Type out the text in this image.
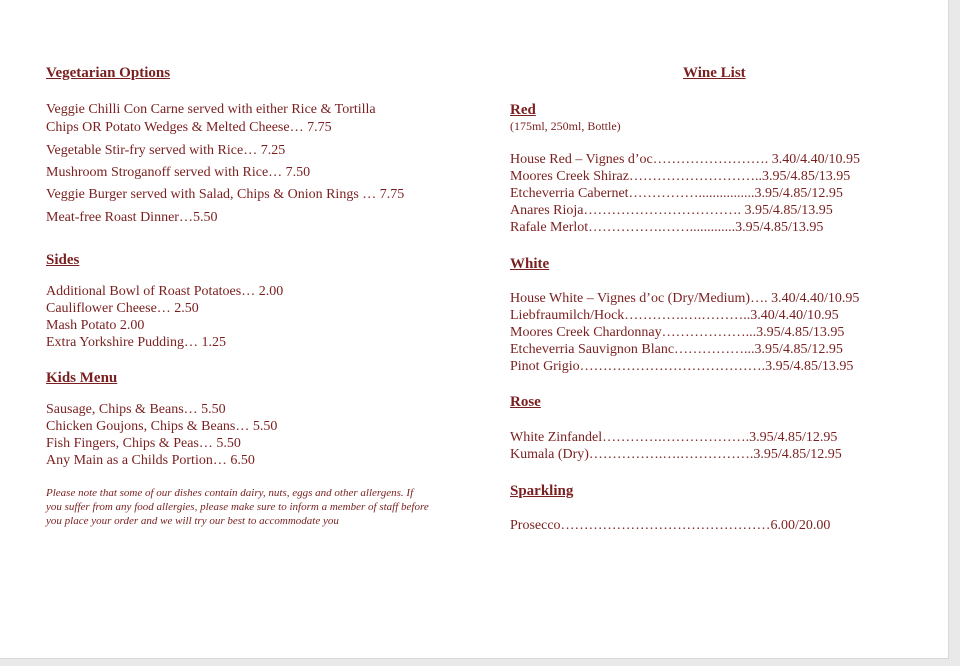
Vegetarian Options
Veggie Chilli Con Carne served with either Rice & Tortilla
Chips OR Potato Wedges & Melted Cheese… 7.75
Vegetable Stir-fry served with Rice… 7.25
Mushroom Stroganoff served with Rice… 7.50
Veggie Burger served with Salad, Chips & Onion Rings … 7.75
Meat-free Roast Dinner…5.50
Sides
Additional Bowl of Roast Potatoes… 2.00
Cauliflower Cheese… 2.50
Mash Potato 2.00
Extra Yorkshire Pudding… 1.25
Kids Menu
Sausage, Chips & Beans… 5.50
Chicken Goujons, Chips & Beans… 5.50
Fish Fingers, Chips & Peas… 5.50
Any Main as a Childs Portion… 6.50
Please note that some of our dishes contain dairy, nuts, eggs and other allergens. If you suffer from any food allergies, please make sure to inform a member of staff before you place your order and we will try our best to accommodate you
Wine List
Red
(175ml, 250ml, Bottle)
House Red – Vignes d’oc……………………. 3.40/4.40/10.95
Moores Creek Shiraz………………………..3.95/4.85/13.95
Etcheverria Cabernet……………................3.95/4.85/12.95
Anares Rioja……………………………. 3.95/4.85/13.95
Rafale Merlot…………….…….............3.95/4.85/13.95
White
House White – Vignes d’oc (Dry/Medium)…. 3.40/4.40/10.95
Liebfraumilch/Hock………….….………..3.40/4.40/10.95
Moores Creek Chardonnay………………...3.95/4.85/13.95
Etcheverria Sauvignon Blanc……………...3.95/4.85/12.95
Pinot Grigio………………………………….3.95/4.85/13.95
Rose
White Zinfandel………….……………….3.95/4.85/12.95
Kumala (Dry)…………….….…………….3.95/4.85/12.95
Sparkling
Prosecco………………………………………6.00/20.00
